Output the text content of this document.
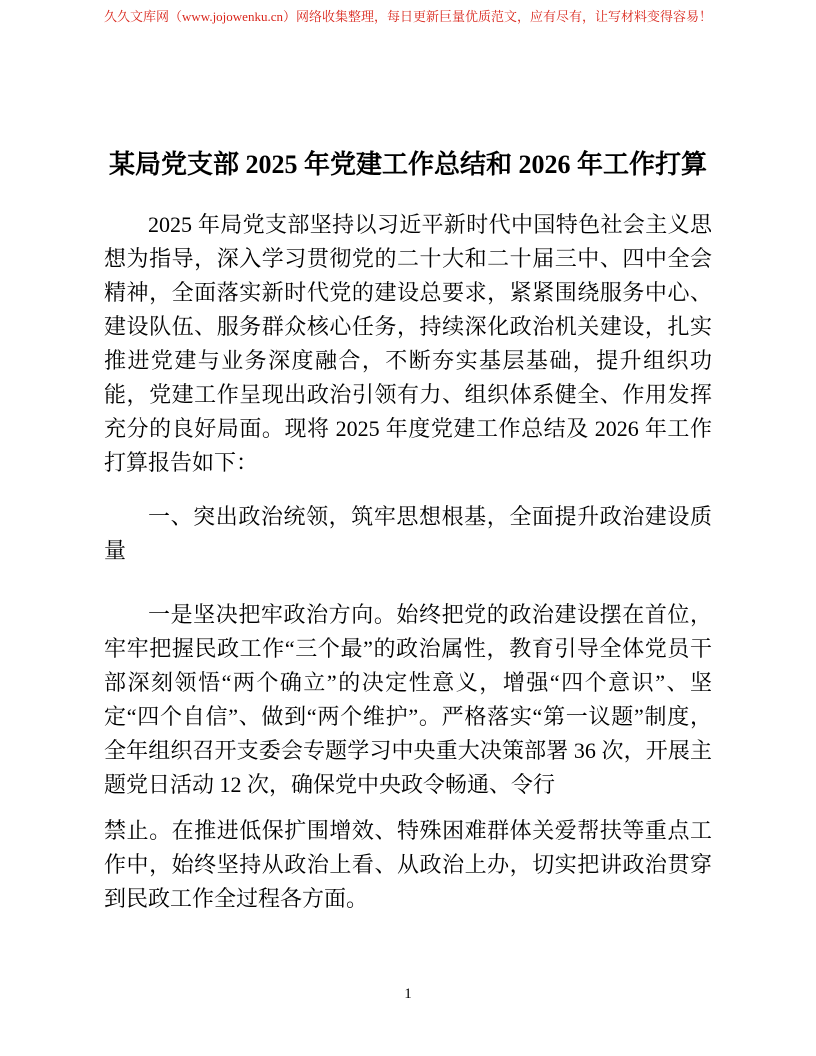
久久文库网（www.jojowenku.cn）网络收集整理，每日更新巨量优质范文，应有尽有，让写材料变得容易！
某局党支部 2025 年党建工作总结和 2026 年工作打算

2025 年局党支部坚持以习近平新时代中国特色社会主义思想为指导，深入学习贯彻党的二十大和二十届三中、四中全会精神，全面落实新时代党的建设总要求，紧紧围绕服务中心、建设队伍、服务群众核心任务，持续深化政治机关建设，扎实推进党建与业务深度融合，不断夯实基层基础，提升组织功能，党建工作呈现出政治引领有力、组织体系健全、作用发挥充分的良好局面。现将 2025 年度党建工作总结及 2026 年工作打算报告如下：

一、突出政治统领，筑牢思想根基，全面提升政治建设质量

一是坚决把牢政治方向。始终把党的政治建设摆在首位，牢牢把握民政工作“三个最”的政治属性，教育引导全体党员干部深刻领悟“两个确立”的决定性意义，增强“四个意识”、坚定“四个自信”、做到“两个维护”。严格落实“第一议题”制度，全年组织召开支委会专题学习中央重大决策部署 36 次，开展主题党日活动 12 次，确保党中央政令畅通、令行

禁止。在推进低保扩围增效、特殊困难群体关爱帮扶等重点工作中，始终坚持从政治上看、从政治上办，切实把讲政治贯穿到民政工作全过程各方面。

1
